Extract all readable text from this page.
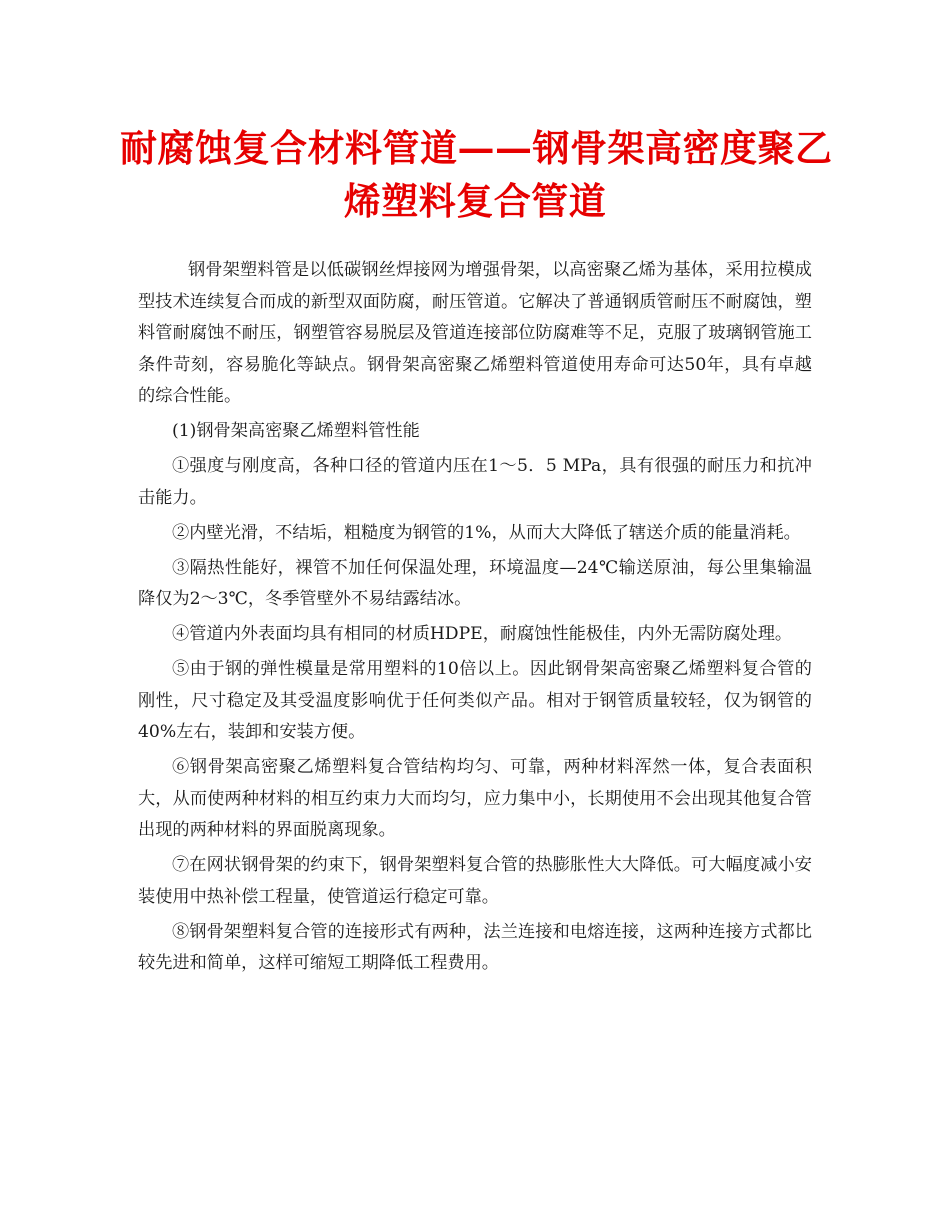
耐腐蚀复合材料管道——钢骨架高密度聚乙
烯塑料复合管道

钢骨架塑料管是以低碳钢丝焊接网为增强骨架，以高密聚乙烯为基体，采用拉模成型技术连续复合而成的新型双面防腐，耐压管道。它解决了普通钢质管耐压不耐腐蚀，塑料管耐腐蚀不耐压，钢塑管容易脱层及管道连接部位防腐难等不足，克服了玻璃钢管施工条件苛刻，容易脆化等缺点。钢骨架高密聚乙烯塑料管道使用寿命可达50年，具有卓越的综合性能。

(1)钢骨架高密聚乙烯塑料管性能

①强度与刚度高，各种口径的管道内压在1～5．5 MPa，具有很强的耐压力和抗冲击能力。

②内壁光滑，不结垢，粗糙度为钢管的1%，从而大大降低了辖送介质的能量消耗。

③隔热性能好，裸管不加任何保温处理，环境温度—24℃输送原油，每公里集输温降仅为2～3℃，冬季管壁外不易结露结冰。

④管道内外表面均具有相同的材质HDPE，耐腐蚀性能极佳，内外无需防腐处理。

⑤由于钢的弹性模量是常用塑料的10倍以上。因此钢骨架高密聚乙烯塑料复合管的刚性，尺寸稳定及其受温度影响优于任何类似产品。相对于钢管质量较轻，仅为钢管的40%左右，装卸和安装方便。

⑥钢骨架高密聚乙烯塑料复合管结构均匀、可靠，两种材料浑然一体，复合表面积大，从而使两种材料的相互约束力大而均匀，应力集中小，长期使用不会出现其他复合管出现的两种材料的界面脱离现象。

⑦在网状钢骨架的约束下，钢骨架塑料复合管的热膨胀性大大降低。可大幅度减小安装使用中热补偿工程量，使管道运行稳定可靠。

⑧钢骨架塑料复合管的连接形式有两种，法兰连接和电熔连接，这两种连接方式都比较先进和简单，这样可缩短工期降低工程费用。
